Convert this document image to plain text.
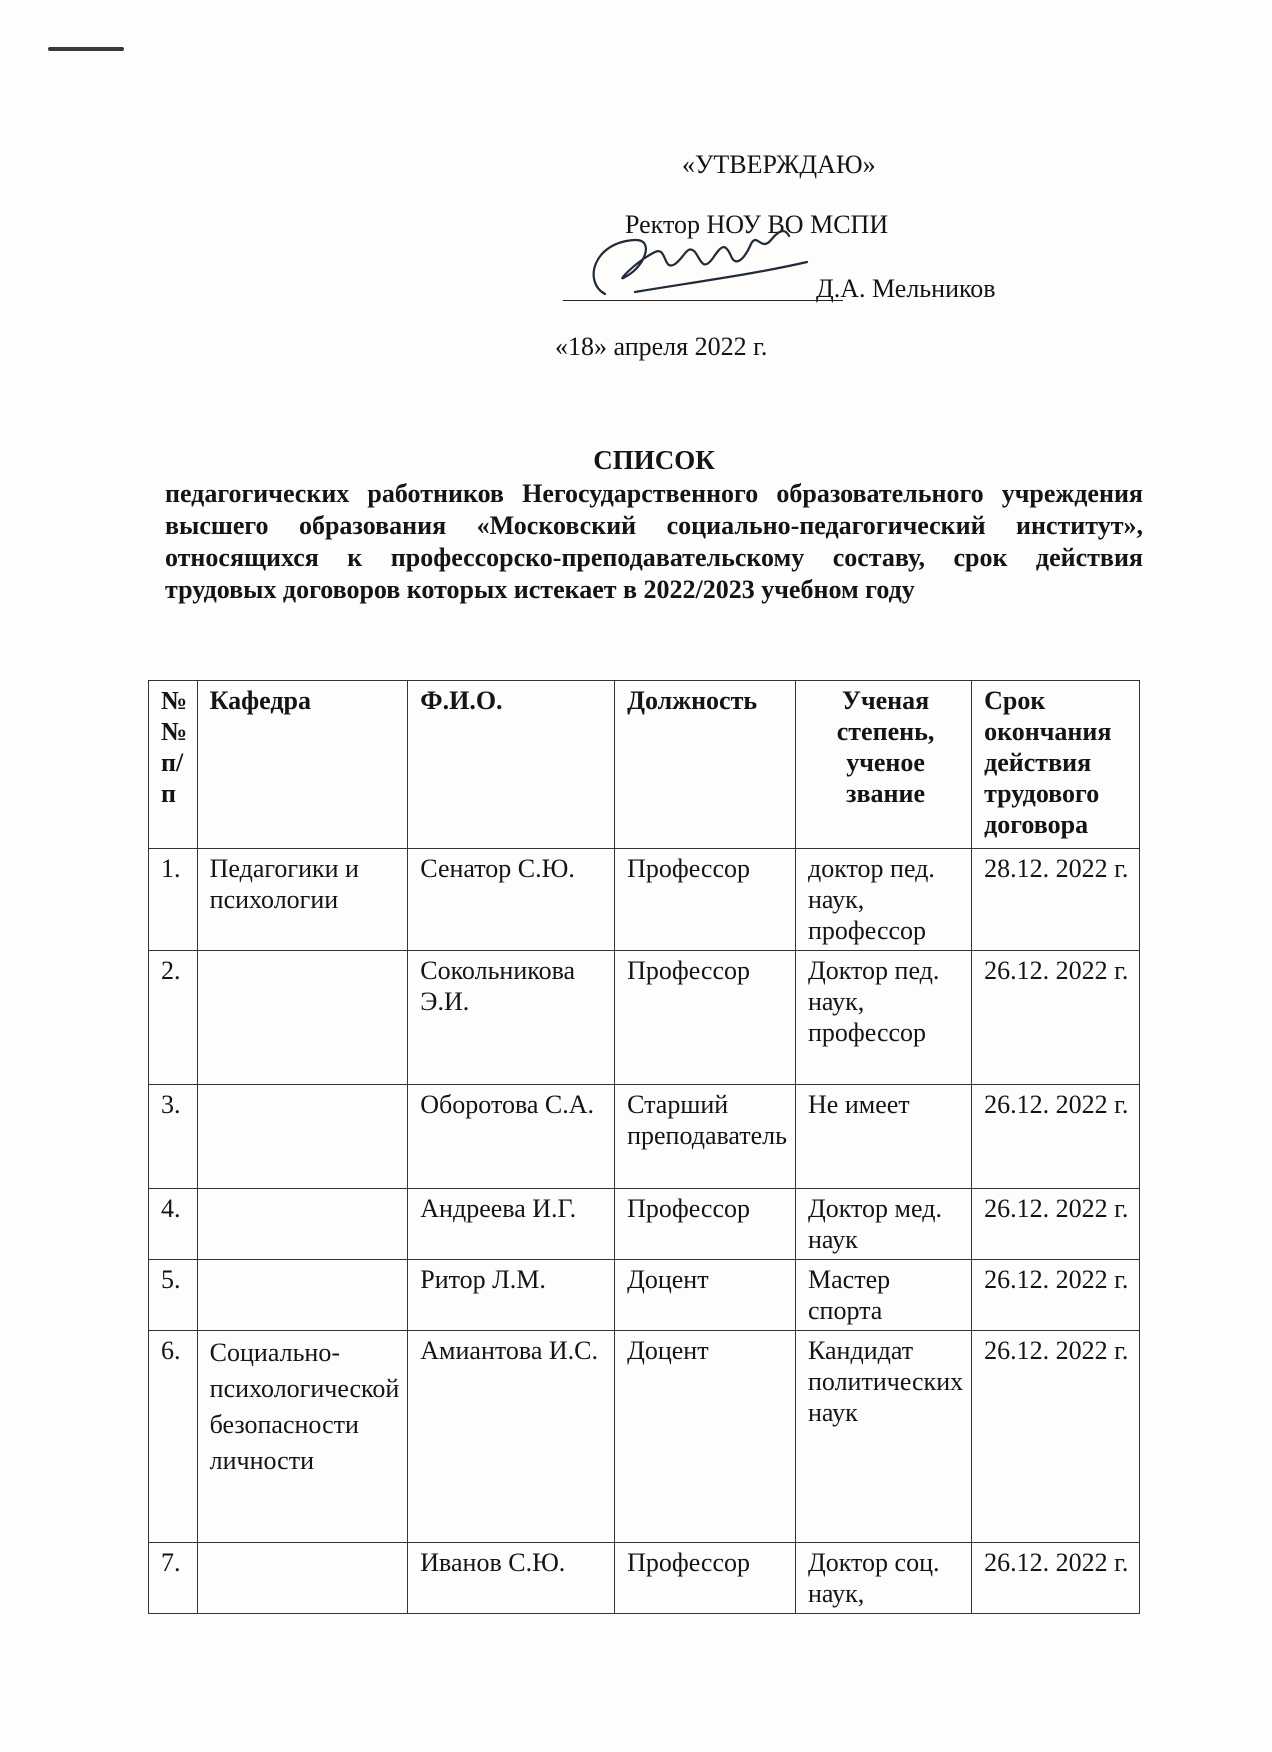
«УТВЕРЖДАЮ»
Ректор НОУ ВО МСПИ
Д.А. Мельников
«18» апреля 2022 г.
СПИСОК
педагогических работников Негосударственного образовательного учреждения высшего образования «Московский социально-педагогический институт», относящихся к профессорско-преподавательскому составу, срок действия трудовых договоров которых истекает в 2022/2023 учебном году
№№ п/п	Кафедра	Ф.И.О.	Должность	Ученая степень, ученое звание	Срок окончания действия трудового договора
1.	Педагогики и психологии	Сенатор С.Ю.	Профессор	доктор пед. наук, профессор	28.12. 2022 г.
2.		Сокольникова Э.И.	Профессор	Доктор пед. наук, профессор	26.12. 2022 г.
3.		Оборотова С.А.	Старший преподаватель	Не имеет	26.12. 2022 г.
4.		Андреева И.Г.	Профессор	Доктор мед. наук	26.12. 2022 г.
5.		Ритор Л.М.	Доцент	Мастер спорта	26.12. 2022 г.
6.	Социально-психологической безопасности личности	Амиантова И.С.	Доцент	Кандидат политических наук	26.12. 2022 г.
7.		Иванов С.Ю.	Профессор	Доктор соц. наук,	26.12. 2022 г.
